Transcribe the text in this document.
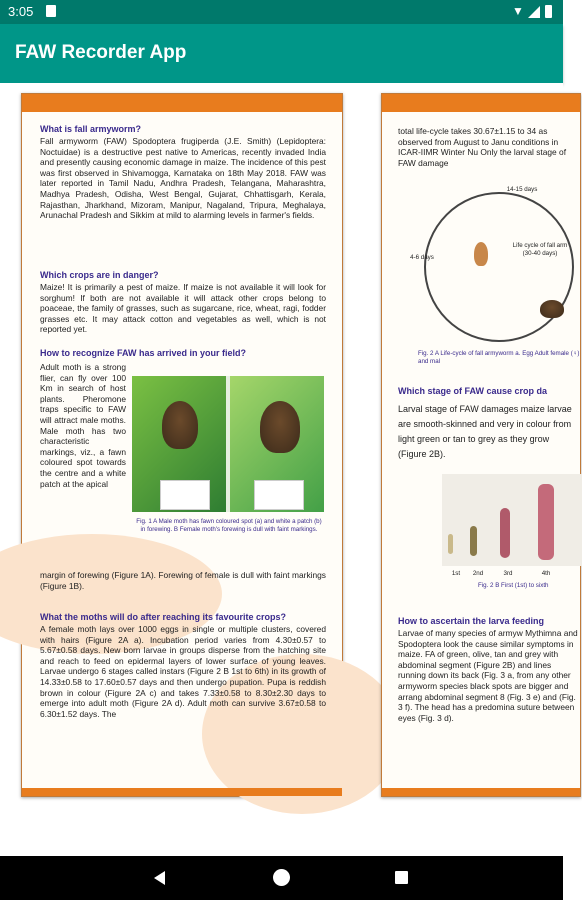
3:05	▼
FAW Recorder App
What is fall armyworm?
Fall armyworm (FAW) Spodoptera frugiperda (J.E. Smith) (Lepidoptera: Noctuidae) is a destructive pest native to Americas, recently invaded India and presently causing economic damage in maize. The incidence of this pest was first observed in Shivamogga, Karnataka on 18th May 2018. FAW was later reported in Tamil Nadu, Andhra Pradesh, Telangana, Maharashtra, Madhya Pradesh, Odisha, West Bengal, Gujarat, Chhattisgarh, Kerala, Rajasthan, Jharkhand, Mizoram, Manipur, Nagaland, Tripura, Meghalaya, Arunachal Pradesh and Sikkim at mild to alarming levels in farmer's fields.
Which crops are in danger?
Maize! It is primarily a pest of maize. If maize is not available it will look for sorghum! If both are not available it will attack other crops belong to poaceae, the family of grasses, such as sugarcane, rice, wheat, ragi, fodder grasses etc. It may attack cotton and vegetables as well, which is not reported yet.
How to recognize FAW has arrived in your field?
Adult moth is a strong flier, can fly over 100 Km in search of host plants. Pheromone traps specific to FAW will attract male moths. Male moth has two characteristic markings, viz., a fawn coloured spot towards the centre and a white patch at the apical
margin of forewing (Figure 1A). Forewing of female is dull with faint markings (Figure 1B).
Fig. 1 A Male moth has fawn coloured spot (a) and white a patch (b) in forewing. B Female moth's forewing is dull with faint markings.
What the moths will do after reaching its favourite crops?
A female moth lays over 1000 eggs in single or multiple clusters, covered with hairs (Figure 2A a). Incubation period varies from 4.30±0.57 to 5.67±0.58 days. New born larvae in groups disperse from the hatching site and reach to feed on epidermal layers of lower surface of young leaves. Larvae undergo 6 stages called instars (Figure 2 B 1st to 6th) in its growth of 14.33±0.58 to 17.60±0.57 days and then undergo pupation. Pupa is reddish brown in colour (Figure 2A c) and takes 7.33±0.58 to 8.30±2.30 days to emerge into adult moth (Figure 2A d). Adult moth can survive 3.67±0.58 to 6.30±1.52 days. The
total life-cycle takes 30.67±1.15 to 34 as observed from August to Janu conditions in ICAR-IIMR Winter Nu Only the larval stage of FAW damage
14-15 days
4-6 days
Life cycle of fall arm (30-40 days)
Fig. 2 A Life-cycle of fall armyworm a. Egg Adult female (♀) and mal
Which stage of FAW cause crop da
Larval stage of FAW damages maize larvae are smooth-skinned and very in colour from light green or tan to grey as they grow (Figure 2B).
1st	2nd	3rd	4th
Fig. 2 B First (1st) to sixth
How to ascertain the larva feeding
Larvae of many species of armyw Mythimna and Spodoptera look the cause similar symptoms in maize. FA of green, olive, tan and grey with abdominal segment (Figure 2B) and lines running down its back (Fig. 3 a, from any other armyworm species black spots are bigger and arrang abdominal segment 8 (Fig. 3 e) and (Fig. 3 f). The head has a predomina suture between eyes (Fig. 3 d).
